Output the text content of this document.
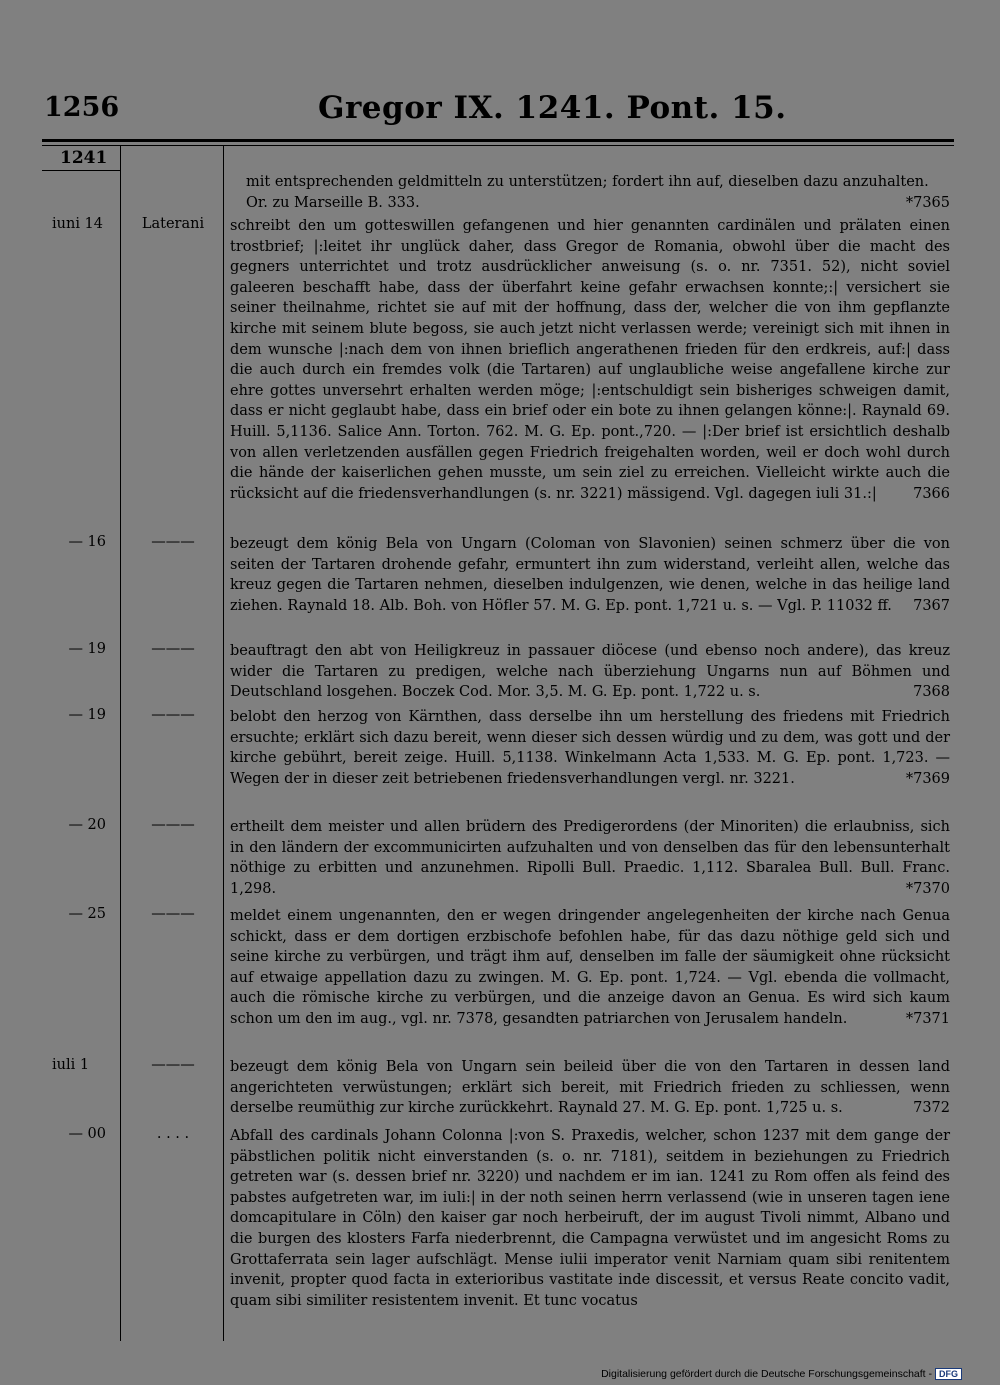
1256	Gregor IX. 1241. Pont. 15.
1241

mit entsprechenden geldmitteln zu unterstützen; fordert ihn auf, dieselben dazu anzuhalten.

Or. zu Marseille B. 333.	*7365

iuni 14	Laterani	schreibt den um gotteswillen gefangenen und hier genannten cardinälen und prälaten einen trostbrief; |:leitet ihr unglück daher, dass Gregor de Romania, obwohl über die macht des gegners unterrichtet und trotz ausdrücklicher anweisung (s. o. nr. 7351. 52), nicht soviel galeeren beschafft habe, dass der überfahrt keine gefahr erwachsen konnte;:| versichert sie seiner theilnahme, richtet sie auf mit der hoffnung, dass der, welcher die von ihm gepflanzte kirche mit seinem blute begoss, sie auch jetzt nicht verlassen werde; vereinigt sich mit ihnen in dem wunsche |:nach dem von ihnen brieflich angerathenen frieden für den erdkreis, auf:| dass die auch durch ein fremdes volk (die Tartaren) auf unglaubliche weise angefallene kirche zur ehre gottes unversehrt erhalten werden möge; |:entschuldigt sein bisheriges schweigen damit, dass er nicht geglaubt habe, dass ein brief oder ein bote zu ihnen gelangen könne:|. Raynald 69. Huill. 5,1136. Salice Ann. Torton. 762. M. G. Ep. pont.,720. — |:Der brief ist ersichtlich deshalb von allen verletzenden ausfällen gegen Friedrich freigehalten worden, weil er doch wohl durch die hände der kaiserlichen gehen musste, um sein ziel zu erreichen. Vielleicht wirkte auch die rücksicht auf die friedensverhandlungen (s. nr. 3221) mässigend. Vgl. dagegen iuli 31.:|	7366

— 16	———	bezeugt dem könig Bela von Ungarn (Coloman von Slavonien) seinen schmerz über die von seiten der Tartaren drohende gefahr, ermuntert ihn zum widerstand, verleiht allen, welche das kreuz gegen die Tartaren nehmen, dieselben indulgenzen, wie denen, welche in das heilige land ziehen. Raynald 18. Alb. Boh. von Höfler 57. M. G. Ep. pont. 1,721 u. s. — Vgl. P. 11032 ff. 7367

— 19	———	beauftragt den abt von Heiligkreuz in passauer diöcese (und ebenso noch andere), das kreuz wider die Tartaren zu predigen, welche nach überziehung Ungarns nun auf Böhmen und Deutschland losgehen. Boczek Cod. Mor. 3,5. M. G. Ep. pont. 1,722 u. s.	7368

— 19	———	belobt den herzog von Kärnthen, dass derselbe ihn um herstellung des friedens mit Friedrich ersuchte; erklärt sich dazu bereit, wenn dieser sich dessen würdig und zu dem, was gott und der kirche gebührt, bereit zeige. Huill. 5,1138. Winkelmann Acta 1,533. M. G. Ep. pont. 1,723. — Wegen der in dieser zeit betriebenen friedensverhandlungen vergl. nr. 3221.	*7369

— 20	———	ertheilt dem meister und allen brüdern des Predigerordens (der Minoriten) die erlaubniss, sich in den ländern der excommunicirten aufzuhalten und von denselben das für den lebensunterhalt nöthige zu erbitten und anzunehmen. Ripolli Bull. Praedic. 1,112. Sbaralea Bull. Bull. Franc. 1,298.	*7370

— 25	———	meldet einem ungenannten, den er wegen dringender angelegenheiten der kirche nach Genua schickt, dass er dem dortigen erzbischofe befohlen habe, für das dazu nöthige geld sich und seine kirche zu verbürgen, und trägt ihm auf, denselben im falle der säumigkeit ohne rücksicht auf etwaige appellation dazu zu zwingen. M. G. Ep. pont. 1,724. — Vgl. ebenda die vollmacht, auch die römische kirche zu verbürgen, und die anzeige davon an Genua. Es wird sich kaum schon um den im aug., vgl. nr. 7378, gesandten patriarchen von Jerusalem handeln.	*7371

iuli 1	———	bezeugt dem könig Bela von Ungarn sein beileid über die von den Tartaren in dessen land angerichteten verwüstungen; erklärt sich bereit, mit Friedrich frieden zu schliessen, wenn derselbe reumüthig zur kirche zurückkehrt. Raynald 27. M. G. Ep. pont. 1,725 u. s.	7372

— 00	. . . .	Abfall des cardinals Johann Colonna |:von S. Praxedis, welcher, schon 1237 mit dem gange der päbstlichen politik nicht einverstanden (s. o. nr. 7181), seitdem in beziehungen zu Friedrich getreten war (s. dessen brief nr. 3220) und nachdem er im ian. 1241 zu Rom offen als feind des pabstes aufgetreten war, im iuli:| in der noth seinen herrn verlassend (wie in unseren tagen iene domcapitulare in Cöln) den kaiser gar noch herbeiruft, der im august Tivoli nimmt, Albano und die burgen des klosters Farfa niederbrennt, die Campagna verwüstet und im angesicht Roms zu Grottaferrata sein lager aufschlägt. Mense iulii imperator venit Narniam quam sibi renitentem invenit, propter quod facta in exterioribus vastitate inde discessit, et versus Reate concito vadit, quam sibi similiter resistentem invenit. Et tunc vocatus

Digitalisierung gefördert durch die Deutsche Forschungsgemeinschaft - DFG
